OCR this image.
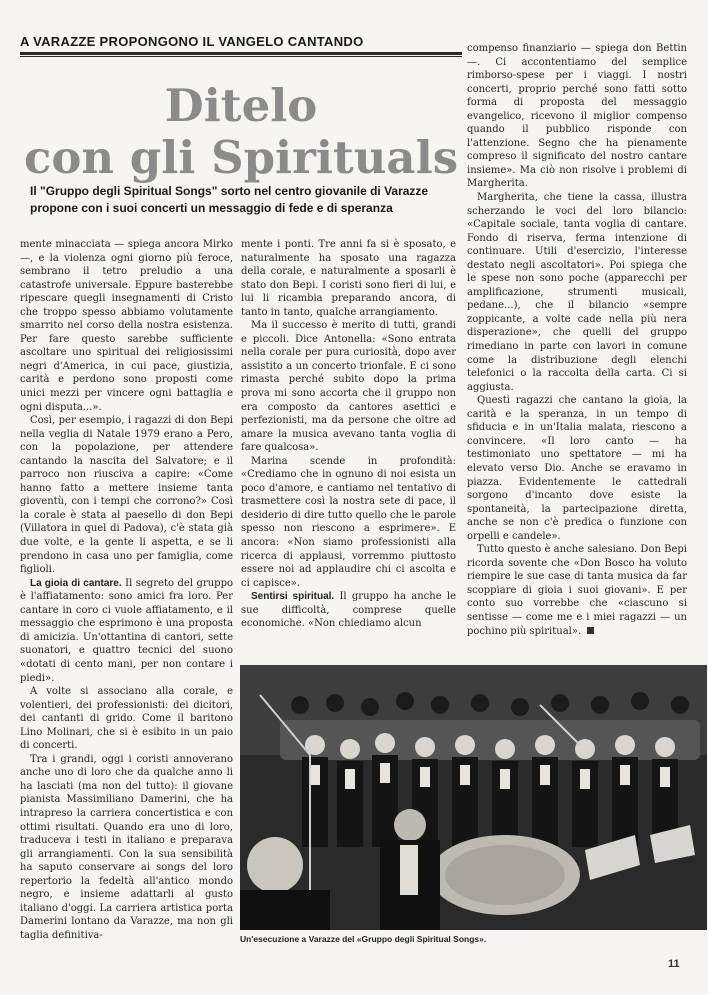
A VARAZZE PROPONGONO IL VANGELO CANTANDO
Ditelo
con gli Spirituals
Il "Gruppo degli Spiritual Songs" sorto nel centro giovanile di Varazze propone con i suoi concerti un messaggio di fede e di speranza

mente minacciata — spiega ancora Mirko —, e la violenza ogni giorno più feroce, sembrano il tetro preludio a una catastrofe universale. Eppure basterebbe ripescare quegli insegnamenti di Cristo che troppo spesso abbiamo volutamente smarrito nel corso della nostra esistenza. Per fare questo sarebbe sufficiente ascoltare uno spiritual dei religiosissimi negri d'America, in cui pace, giustizia, carità e perdono sono proposti come unici mezzi per vincere ogni battaglia e ogni disputa...».

Così, per esempio, i ragazzi di don Bepi nella veglia di Natale 1979 erano a Pero, con la popolazione, per attendere cantando la nascita del Salvatore; e il parroco non riusciva a capire: «Come hanno fatto a mettere insieme tanta gioventù, con i tempi che corrono?» Così la corale è stata al paesello di don Bepi (Villatora in quel di Padova), c'è stata già due volte, e la gente li aspetta, e se li prendono in casa uno per famiglia, come figlioli.

La gioia di cantare. Il segreto del gruppo è l'affiatamento: sono amici fra loro. Per cantare in coro ci vuole affiatamento, e il messaggio che esprimono è una proposta di amicizia. Un'ottantina di cantori, sette suonatori, e quattro tecnici del suono «dotati di cento mani, per non contare i piedi».

A volte si associano alla corale, e volentieri, dei professionisti: dei dicitori, dei cantanti di grido. Come il baritono Lino Molinari, che si è esibito in un paio di concerti.

Tra i grandi, oggi i coristi annoverano anche uno di loro che da qualche anno li ha lasciati (ma non del tutto): il giovane pianista Massimiliano Damerini, che ha intrapreso la carriera concertistica e con ottimi risultati. Quando era uno di loro, traduceva i testi in italiano e preparava gli arrangiamenti. Con la sua sensibilità ha saputo conservare ai songs del loro repertorio la fedeltà all'antico mondo negro, e insieme adattarli al gusto italiano d'oggi. La carriera artistica porta Damerini lontano da Varazze, ma non gli taglia definitiva-

mente i ponti. Tre anni fa si è sposato, e naturalmente ha sposato una ragazza della corale, e naturalmente a sposarli è stato don Bepi. I coristi sono fieri di lui, e lui li ricambia preparando ancora, di tanto in tanto, qualche arrangiamento.

Ma il successo è merito di tutti, grandi e piccoli. Dice Antonella: «Sono entrata nella corale per pura curiosità, dopo aver assistito a un concerto trionfale. E ci sono rimasta perché subito dopo la prima prova mi sono accorta che il gruppo non era composto da cantores asettici e perfezionisti, ma da persone che oltre ad amare la musica avevano tanta voglia di fare qualcosa».

Marina scende in profondità: «Crediamo che in ognuno di noi esista un poco d'amore, e cantiamo nel tentativo di trasmettere così la nostra sete di pace, il desiderio di dire tutto quello che le parole spesso non riescono a esprimere». E ancora: «Non siamo professionisti alla ricerca di applausi, vorremmo piuttosto essere noi ad applaudire chi ci ascolta e ci capisce».

Sentirsi spiritual. Il gruppo ha anche le sue difficoltà, comprese quelle economiche. «Non chiediamo alcun

compenso finanziario — spiega don Bettin —. Ci accontentiamo del semplice rimborso-spese per i viaggi. I nostri concerti, proprio perché sono fatti sotto forma di proposta del messaggio evangelico, ricevono il miglior compenso quando il pubblico risponde con l'attenzione. Segno che ha pienamente compreso il significato del nostro cantare insieme». Ma ciò non risolve i problemi di Margherita.

Margherita, che tiene la cassa, illustra scherzando le voci del loro bilancio: «Capitale sociale, tanta voglia di cantare. Fondo di riserva, ferma intenzione di continuare. Utili d'esercizio, l'interesse destato negli ascoltatori». Poi spiega che le spese non sono poche (apparecchi per amplificazione, strumenti musicali, pedane...), che il bilancio «sempre zoppicante, a volte cade nella più nera disperazione», che quelli del gruppo rimediano in parte con lavori in comune come la distribuzione degli elenchi telefonici o la raccolta della carta. Ci si aggiusta.

Questi ragazzi che cantano la gioia, la carità e la speranza, in un tempo di sfiducia e in un'Italia malata, riescono a convincere. «Il loro canto — ha testimoniato uno spettatore — mi ha elevato verso Dio. Anche se eravamo in piazza. Evidentemente le cattedrali sorgono d'incanto dove esiste la spontaneità, la partecipazione diretta, anche se non c'è predica o funzione con orpelli e candele».

Tutto questo è anche salesiano. Don Bepi ricorda sovente che «Don Bosco ha voluto riempire le sue case di tanta musica da far scoppiare di gioia i suoi giovani». E per conto suo vorrebbe che «ciascuno si sentisse — come me e i miei ragazzi — un pochino più spiritual».

Un'esecuzione a Varazze del «Gruppo degli Spiritual Songs».
11
